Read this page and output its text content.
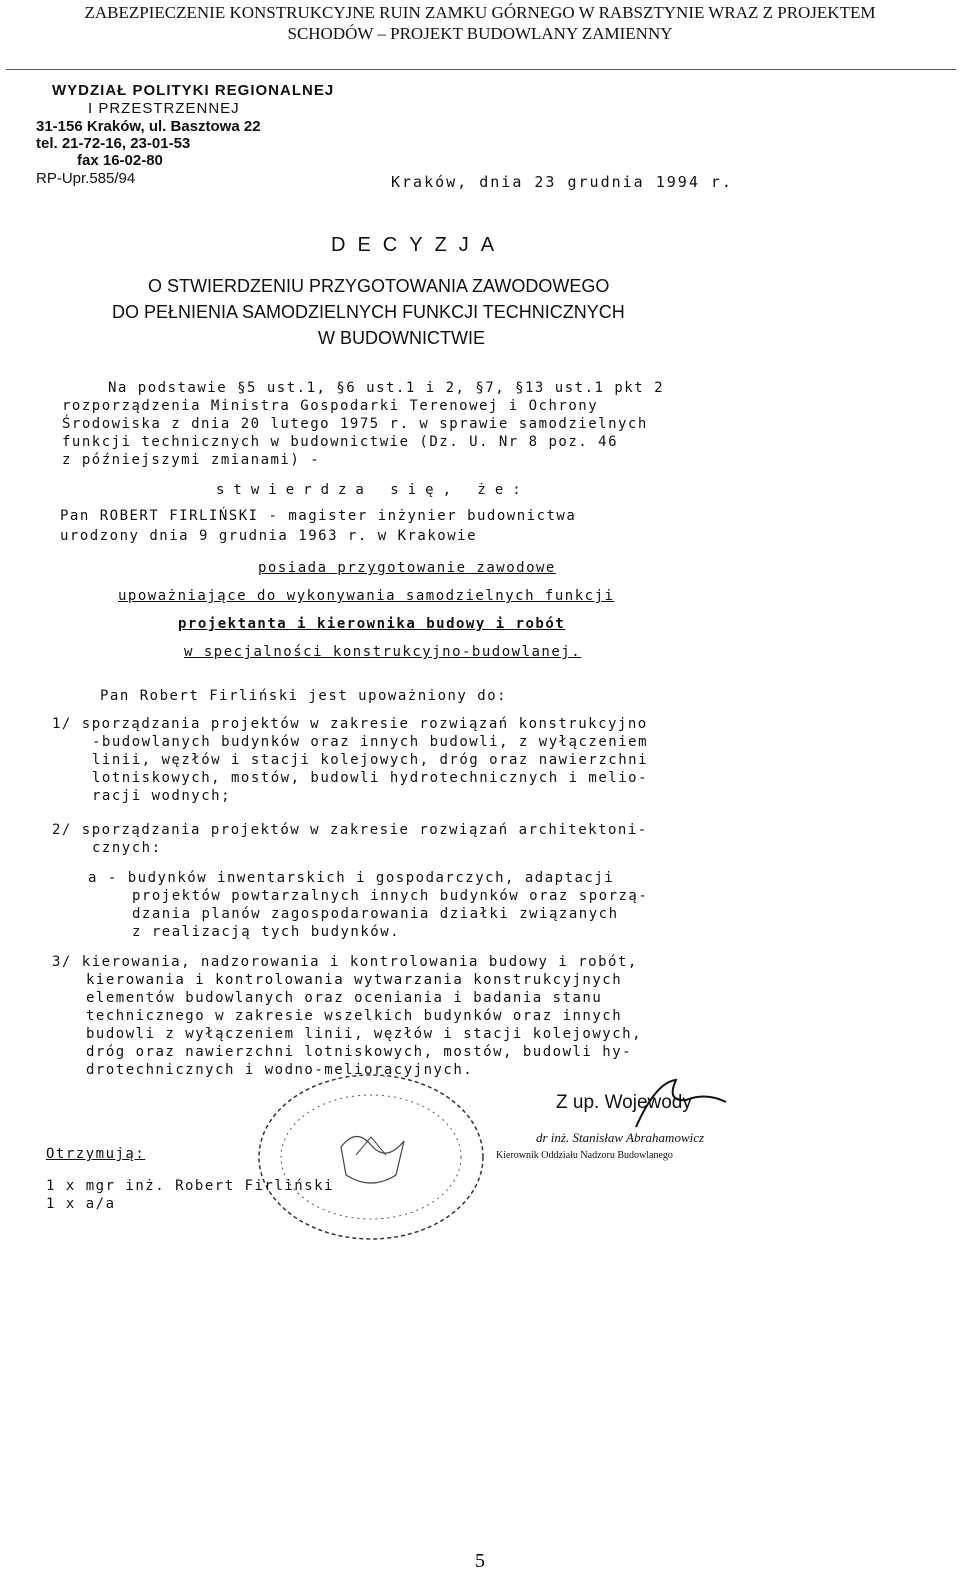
ZABEZPIECZENIE KONSTRUKCYJNE RUIN ZAMKU GÓRNEGO W RABSZTYNIE WRAZ Z PROJEKTEM
SCHODÓW – PROJEKT BUDOWLANY ZAMIENNY
WYDZIAŁ POLITYKI REGIONALNEJ
I PRZESTRZENNEJ
31-156 Kraków, ul. Basztowa 22
tel. 21-72-16, 23-01-53
fax 16-02-80
RP-Upr.585/94	Kraków, dnia 23 grudnia 1994 r.
DECYZJA
O STWIERDZENIU PRZYGOTOWANIA ZAWODOWEGO
DO PEŁNIENIA SAMODZIELNYCH FUNKCJI TECHNICZNYCH
W BUDOWNICTWIE
Na podstawie §5 ust.1, §6 ust.1 i 2, §7, §13 ust.1 pkt 2
rozporządzenia Ministra Gospodarki Terenowej i Ochrony
Środowiska z dnia 20 lutego 1975 r. w sprawie samodzielnych
funkcji technicznych w budownictwie (Dz. U. Nr 8 poz. 46
z późniejszymi zmianami) -
stwierdza się, że:
Pan ROBERT FIRLIŃSKI - magister inżynier budownictwa
urodzony dnia 9 grudnia 1963 r. w Krakowie
posiada przygotowanie zawodowe
upoważniające do wykonywania samodzielnych funkcji
projektanta i kierownika budowy i robót
w specjalności konstrukcyjno-budowlanej.
Pan Robert Firliński jest upoważniony do:
1/ sporządzania projektów w zakresie rozwiązań konstrukcyjno
-budowlanych budynków oraz innych budowli, z wyłączeniem
linii, węzłów i stacji kolejowych, dróg oraz nawierzchni
lotniskowych, mostów, budowli hydrotechnicznych i melio-
racji wodnych;
2/ sporządzania projektów w zakresie rozwiązań architektoni-
cznych:
a - budynków inwentarskich i gospodarczych, adaptacji
projektów powtarzalnych innych budynków oraz sporzą-
dzania planów zagospodarowania działki związanych
z realizacją tych budynków.
3/ kierowania, nadzorowania i kontrolowania budowy i robót,
kierowania i kontrolowania wytwarzania konstrukcyjnych
elementów budowlanych oraz oceniania i badania stanu
technicznego w zakresie wszelkich budynków oraz innych
budowli z wyłączeniem linii, węzłów i stacji kolejowych,
dróg oraz nawierzchni lotniskowych, mostów, budowli hy-
drotechnicznych i wodno-melioracyjnych.
Z up. Wojewody
dr inż. Stanisław Abrahamowicz
Kierownik Oddziału Nadzoru Budowlanego
Otrzymują:
1 x mgr inż. Robert Firliński
1 x a/a
5
